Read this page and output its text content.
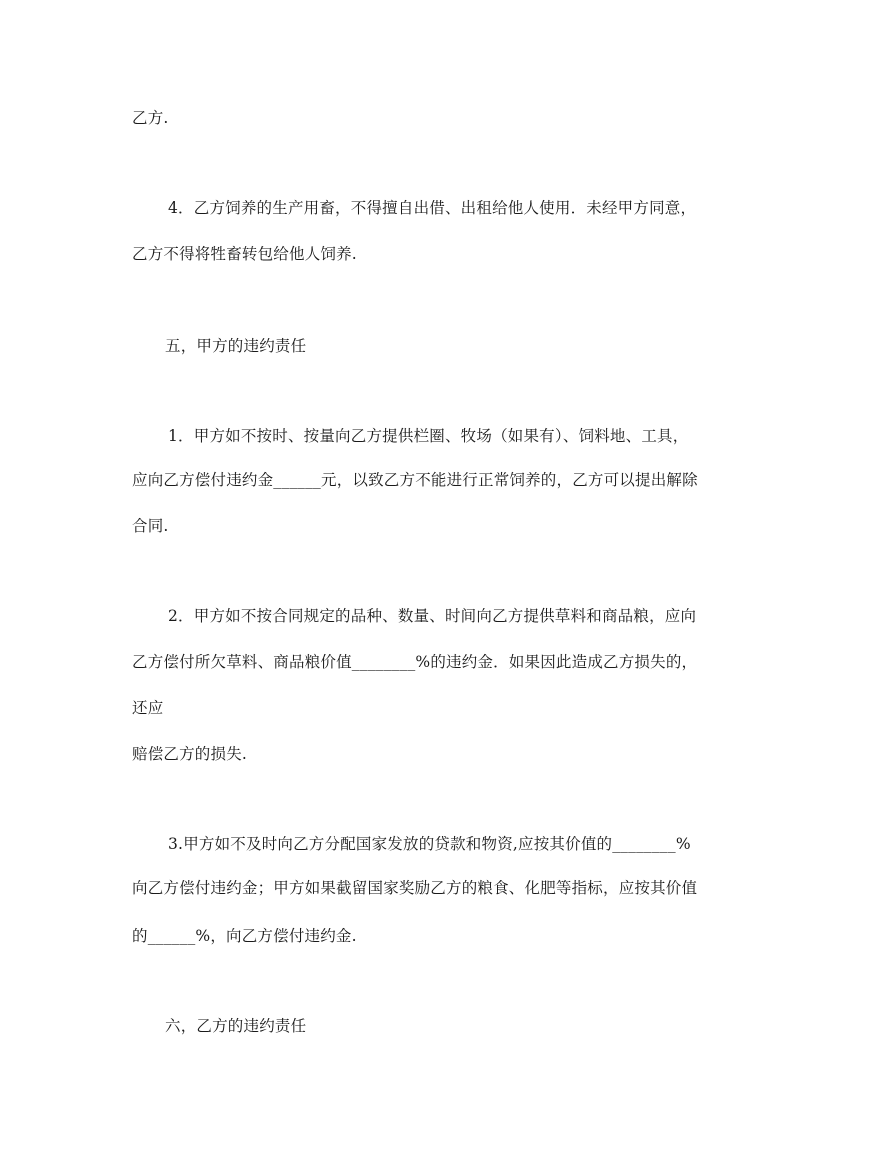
乙方.
4．乙方饲养的生产用畜，不得擅自出借、出租给他人使用．未经甲方同意，
乙方不得将牲畜转包给他人饲养.
五，甲方的违约责任
1．甲方如不按时、按量向乙方提供栏圈、牧场（如果有）、饲料地、工具，
应向乙方偿付违约金______元，以致乙方不能进行正常饲养的，乙方可以提出解除
合同.
2．甲方如不按合同规定的品种、数量、时间向乙方提供草料和商品粮，应向
乙方偿付所欠草料、商品粮价值________%的违约金．如果因此造成乙方损失的，
还应
赔偿乙方的损失.
3.甲方如不及时向乙方分配国家发放的贷款和物资,应按其价值的________%
向乙方偿付违约金；甲方如果截留国家奖励乙方的粮食、化肥等指标，应按其价值
的______%，向乙方偿付违约金.
六，乙方的违约责任
